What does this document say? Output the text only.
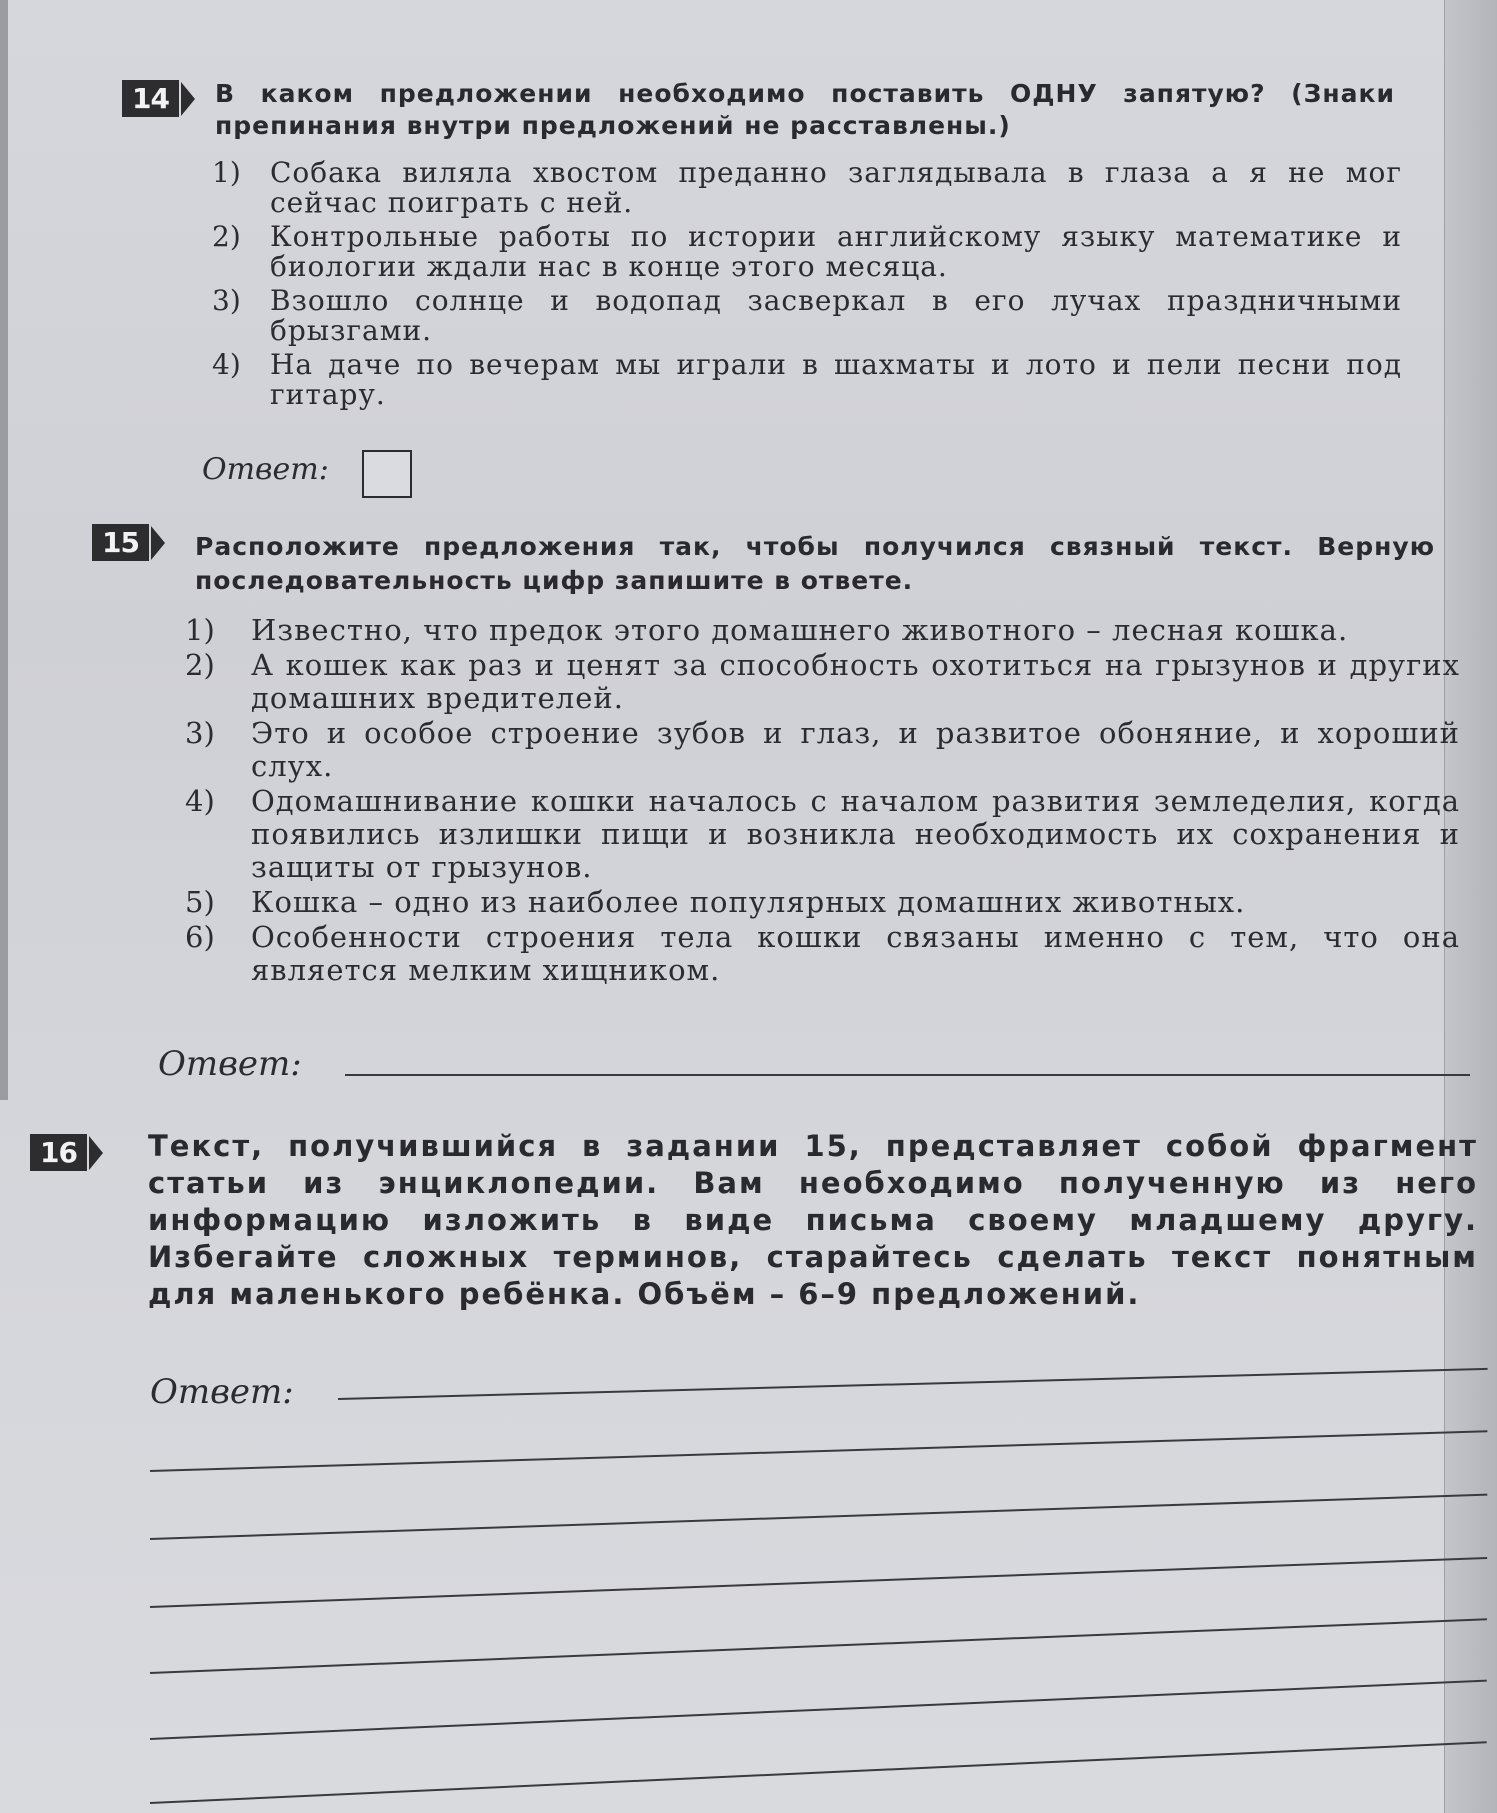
14	В каком предложении необходимо поставить ОДНУ запятую? (Знаки препинания внутри предложений не расставлены.)
1)	Собака виляла хвостом преданно заглядывала в глаза а я не мог сейчас поиграть с ней.
2)	Контрольные работы по истории английскому языку математике и биологии ждали нас в конце этого месяца.
3)	Взошло солнце и водопад засверкал в его лучах праздничными брызгами.
4)	На даче по вечерам мы играли в шахматы и лото и пели песни под гитару.
Ответ:
15	Расположите предложения так, чтобы получился связный текст. Верную последовательность цифр запишите в ответе.
1)	Известно, что предок этого домашнего животного – лесная кошка.
2)	А кошек как раз и ценят за способность охотиться на грызунов и других домашних вредителей.
3)	Это и особое строение зубов и глаз, и развитое обоняние, и хороший слух.
4)	Одомашнивание кошки началось с началом развития земледелия, когда появились излишки пищи и возникла необходимость их сохранения и защиты от грызунов.
5)	Кошка – одно из наиболее популярных домашних животных.
6)	Особенности строения тела кошки связаны именно с тем, что она является мелким хищником.
Ответ:
16	Текст, получившийся в задании 15, представляет собой фрагмент статьи из энциклопедии. Вам необходимо полученную из него информацию изложить в виде письма своему младшему другу. Избегайте сложных терминов, старайтесь сделать текст понятным для маленького ребёнка. Объём – 6–9 предложений.
Ответ:
